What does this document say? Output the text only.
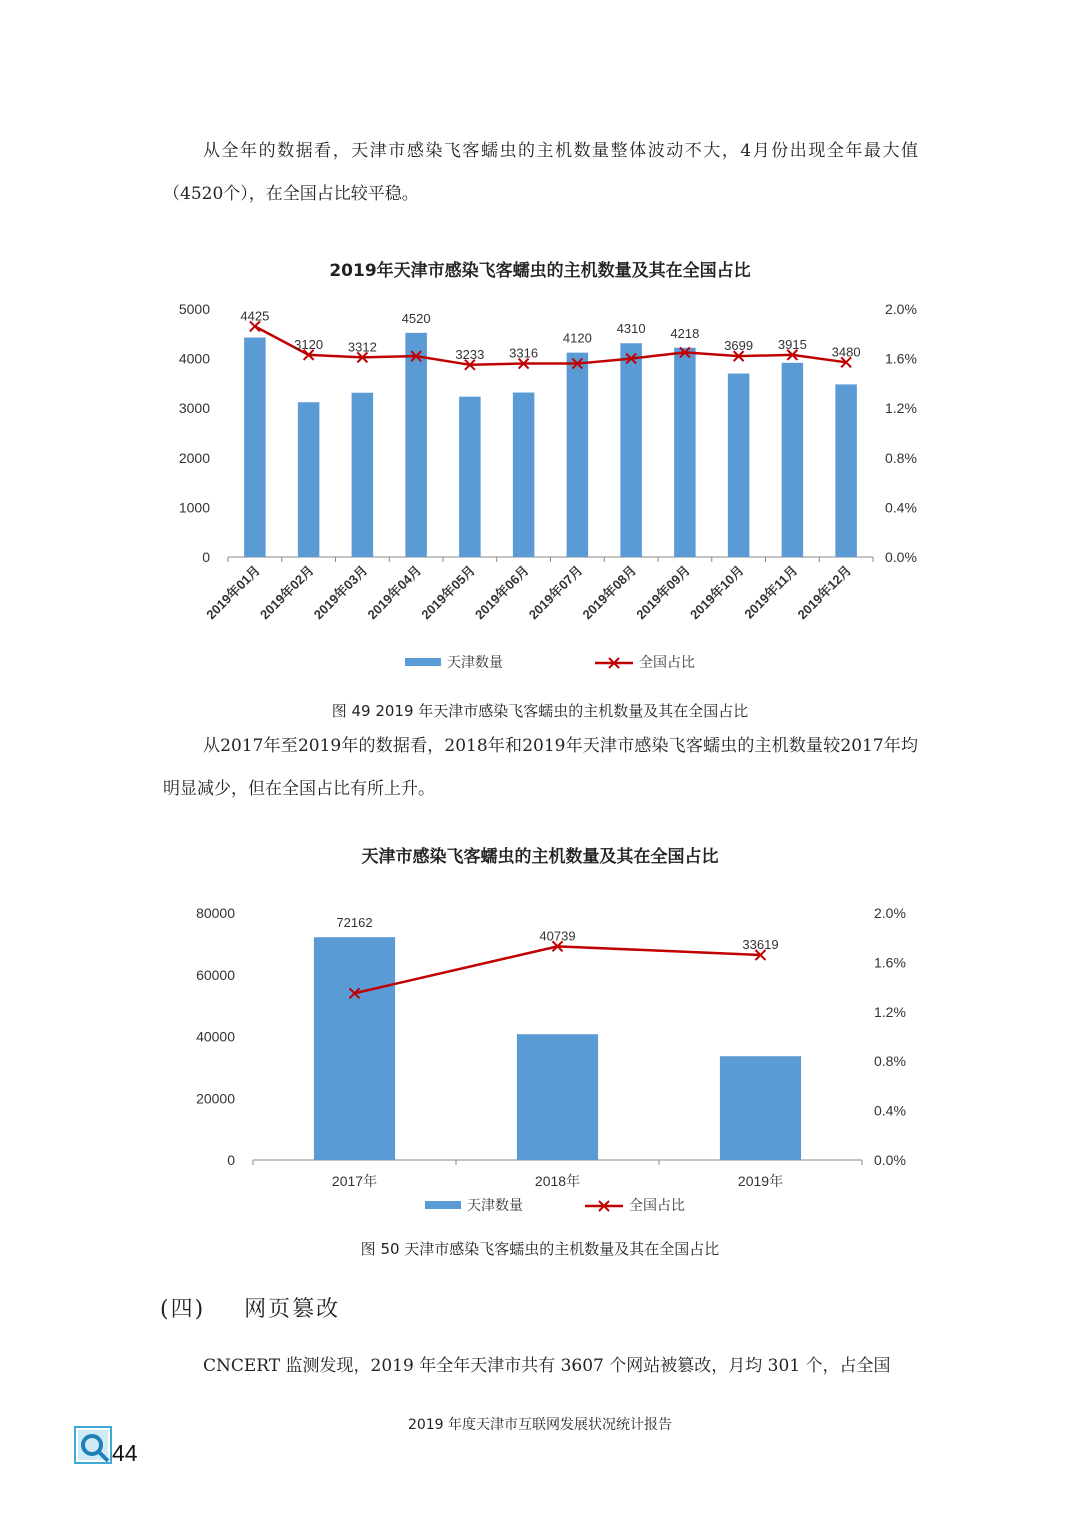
从全年的数据看，天津市感染飞客蠕虫的主机数量整体波动不大，4月份出现全年最大值（4520个），在全国占比较平稳。

2019年天津市感染飞客蠕虫的主机数量及其在全国占比
5000
4000
3000
2000
1000
0
2.0%
1.6%
1.2%
0.8%
0.4%
0.0%
4425
3120 3312
4520
3233 3316
4120
4310 4218
3699 3915 3480
2019年01月
2019年02月
2019年03月
2019年04月
2019年05月
2019年06月
2019年07月
2019年08月
2019年09月
2019年10月
2019年11月
2019年12月
天津数量	全国占比
图 49 2019 年天津市感染飞客蠕虫的主机数量及其在全国占比

从2017年至2019年的数据看，2018年和2019年天津市感染飞客蠕虫的主机数量较2017年均明显减少，但在全国占比有所上升。

天津市感染飞客蠕虫的主机数量及其在全国占比
80000
60000
40000
20000
0
2.0%
1.6%
1.2%
0.8%
0.4%
0.0%
72162
40739
33619
2017年	2018年	2019年
天津数量	全国占比
图 50 天津市感染飞客蠕虫的主机数量及其在全国占比
(四) 网页篡改

CNCERT 监测发现，2019 年全年天津市共有 3607 个网站被篡改，月均 301 个，占全国

44
2019 年度天津市互联网发展状况统计报告
